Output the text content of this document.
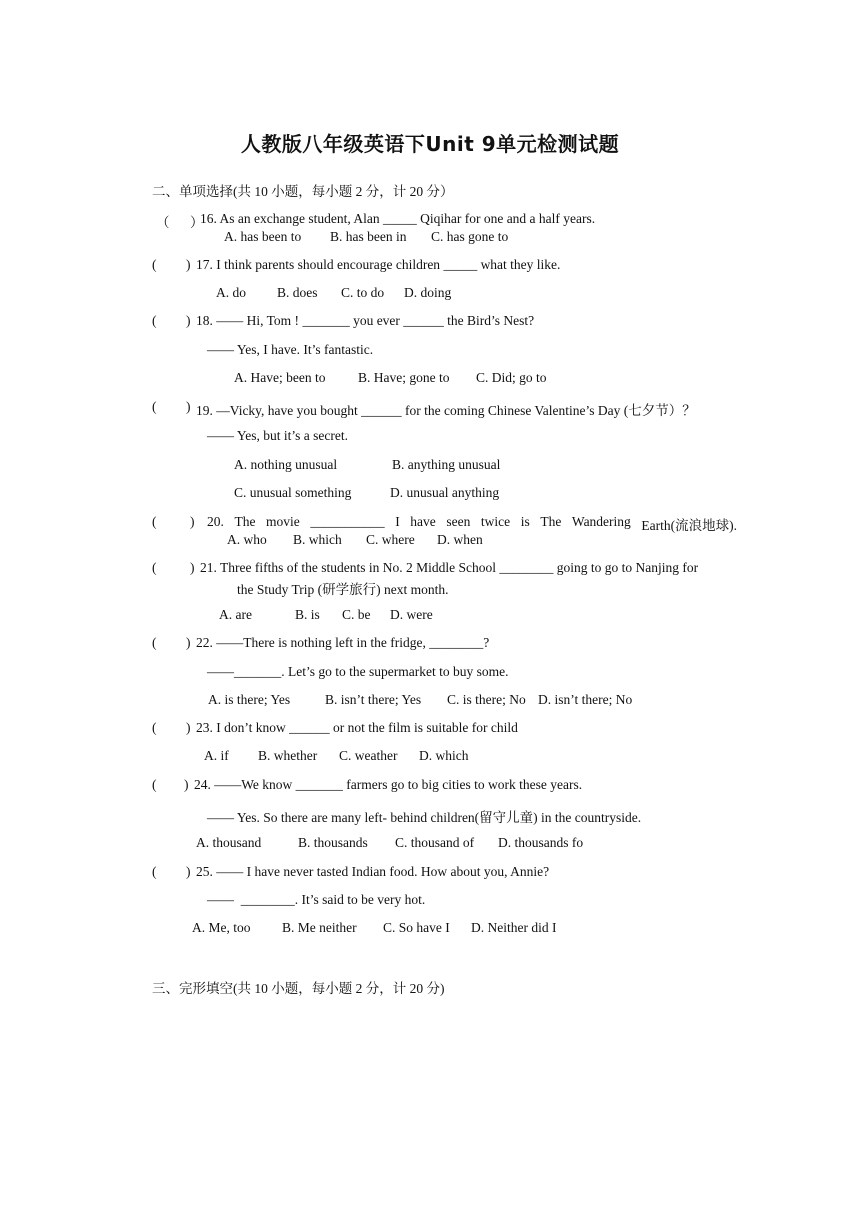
人教版八年级英语下Unit 9单元检测试题
二、单项选择(共 10 小题，每小题 2 分，计 20 分）
（ ）
16. As an exchange student, Alan _____ Qiqihar for one and a half years.
A. has been to B. has been in C. has gone to
( ) 17. I think parents should encourage children _____ what they like.
A. do B. does C. to do D. doing
( ) 18. —— Hi, Tom ! _______ you ever ______ the Bird’s Nest?
—— Yes, I have. It’s fantastic.
A. Have; been to B. Have; gone to C. Did; go to
( ) 19. —Vicky, have you bought ______ for the coming Chinese Valentine’s Day (七夕节）？
—— Yes, but it’s a secret.
A. nothing unusual	B. anything unusual
C. unusual something	D. unusual anything
( ) 20. The movie ___________ I have seen twice is The Wandering Earth(流浪地球).
A. who B. which C. where D. when
( ) 21. Three fifths of the students in No. 2 Middle School ________ going to go to Nanjing for
the Study Trip (研学旅行) next month.
A. are	B. is C. be D. were
( ) 22. ——There is nothing left in the fridge, ________?
——_______. Let’s go to the supermarket to buy some.
A. is there; Yes	B. isn’t there; Yes C. is there; No D. isn’t there; No
( ) 23. I don’t know ______ or not the film is suitable for child
A. if B. whether C. weather D. which
( ) 24. ——We know _______ farmers go to big cities to work these years.
—— Yes. So there are many left- behind children(留守儿童) in the countryside.
A. thousand	B. thousands C. thousand of D. thousands fo
( ) 25. —— I have never tasted Indian food. How about you, Annie?
——  ________. It’s said to be very hot.
A. Me, too B. Me neither C. So have I D. Neither did I
三、完形填空(共 10 小题，每小题 2 分，计 20 分)
